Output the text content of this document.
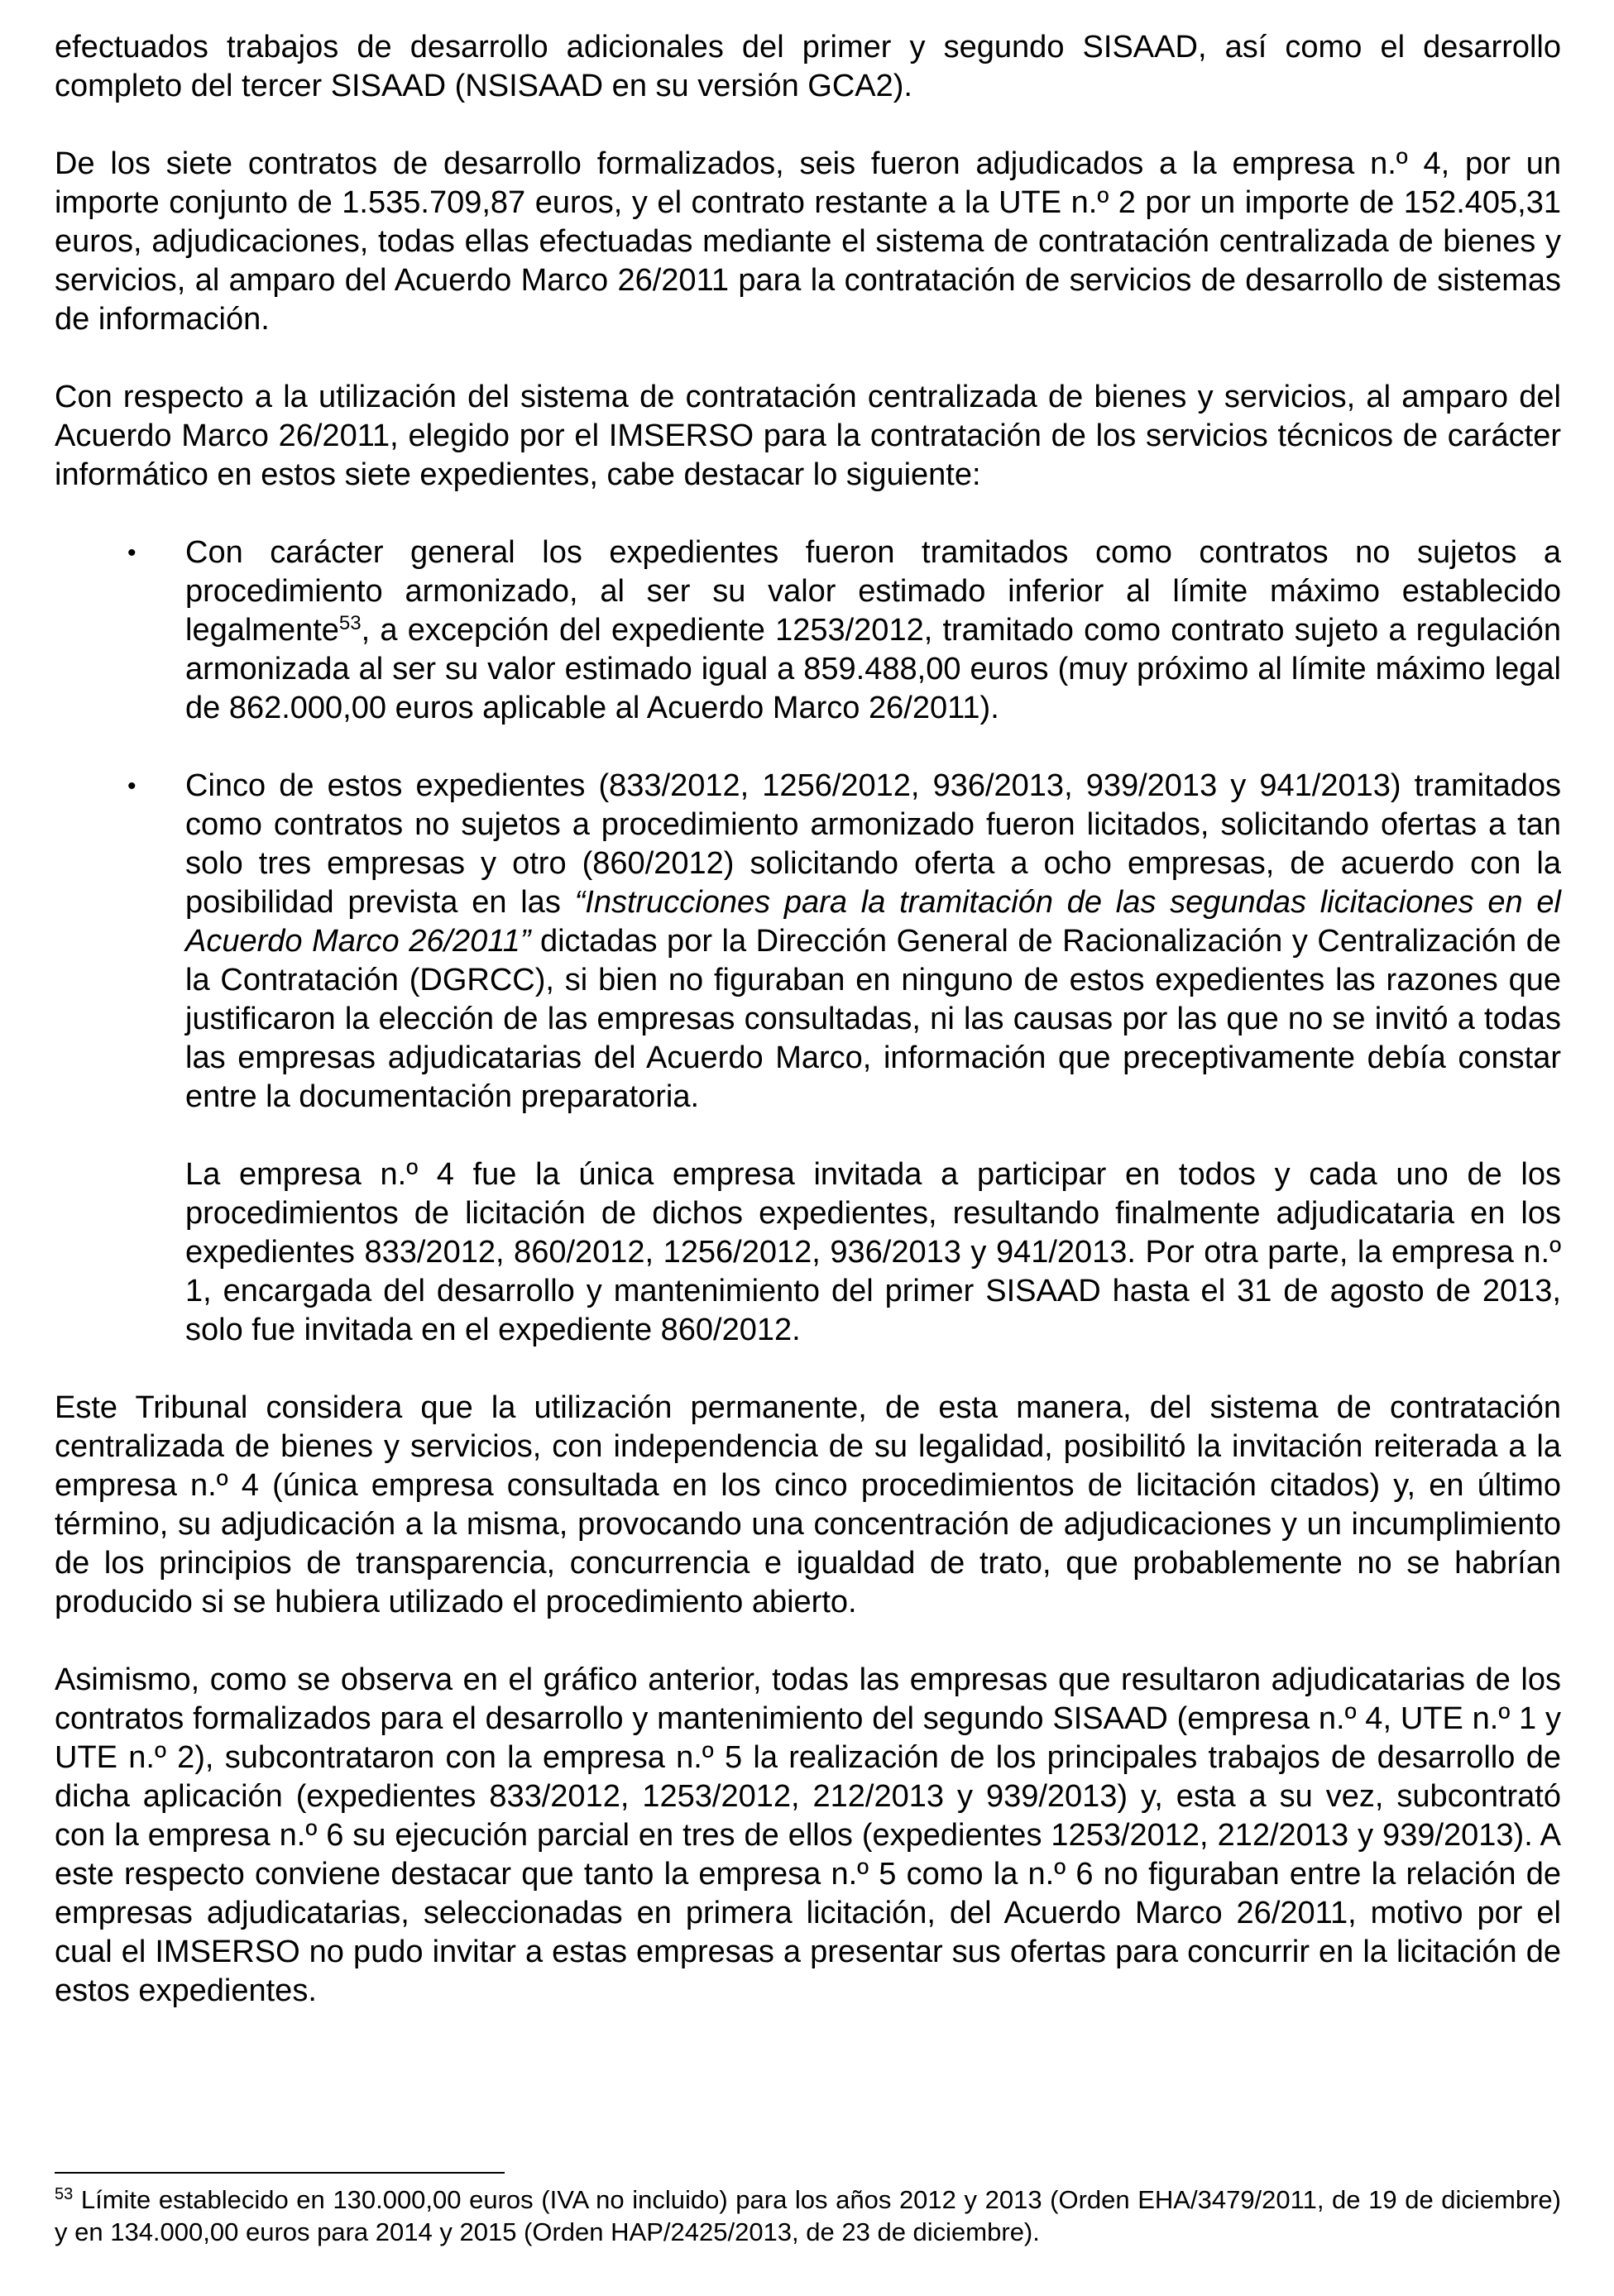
efectuados trabajos de desarrollo adicionales del primer y segundo SISAAD, así como el desarrollo completo del tercer SISAAD (NSISAAD en su versión GCA2).

De los siete contratos de desarrollo formalizados, seis fueron adjudicados a la empresa n.º 4, por un importe conjunto de 1.535.709,87 euros, y el contrato restante a la UTE n.º 2 por un importe de 152.405,31 euros, adjudicaciones, todas ellas efectuadas mediante el sistema de contratación centralizada de bienes y servicios, al amparo del Acuerdo Marco 26/2011 para la contratación de servicios de desarrollo de sistemas de información.

Con respecto a la utilización del sistema de contratación centralizada de bienes y servicios, al amparo del Acuerdo Marco 26/2011, elegido por el IMSERSO para la contratación de los servicios técnicos de carácter informático en estos siete expedientes, cabe destacar lo siguiente:

• Con carácter general los expedientes fueron tramitados como contratos no sujetos a procedimiento armonizado, al ser su valor estimado inferior al límite máximo establecido legalmente$^{53}$, a excepción del expediente 1253/2012, tramitado como contrato sujeto a regulación armonizada al ser su valor estimado igual a 859.488,00 euros (muy próximo al límite máximo legal de 862.000,00 euros aplicable al Acuerdo Marco 26/2011).

• Cinco de estos expedientes (833/2012, 1256/2012, 936/2013, 939/2013 y 941/2013) tramitados como contratos no sujetos a procedimiento armonizado fueron licitados, solicitando ofertas a tan solo tres empresas y otro (860/2012) solicitando oferta a ocho empresas, de acuerdo con la posibilidad prevista en las “Instrucciones para la tramitación de las segundas licitaciones en el Acuerdo Marco 26/2011” dictadas por la Dirección General de Racionalización y Centralización de la Contratación (DGRCC), si bien no figuraban en ninguno de estos expedientes las razones que justificaron la elección de las empresas consultadas, ni las causas por las que no se invitó a todas las empresas adjudicatarias del Acuerdo Marco, información que preceptivamente debía constar entre la documentación preparatoria.

La empresa n.º 4 fue la única empresa invitada a participar en todos y cada uno de los procedimientos de licitación de dichos expedientes, resultando finalmente adjudicataria en los expedientes 833/2012, 860/2012, 1256/2012, 936/2013 y 941/2013. Por otra parte, la empresa n.º 1, encargada del desarrollo y mantenimiento del primer SISAAD hasta el 31 de agosto de 2013, solo fue invitada en el expediente 860/2012.

Este Tribunal considera que la utilización permanente, de esta manera, del sistema de contratación centralizada de bienes y servicios, con independencia de su legalidad, posibilitó la invitación reiterada a la empresa n.º 4 (única empresa consultada en los cinco procedimientos de licitación citados) y, en último término, su adjudicación a la misma, provocando una concentración de adjudicaciones y un incumplimiento de los principios de transparencia, concurrencia e igualdad de trato, que probablemente no se habrían producido si se hubiera utilizado el procedimiento abierto.

Asimismo, como se observa en el gráfico anterior, todas las empresas que resultaron adjudicatarias de los contratos formalizados para el desarrollo y mantenimiento del segundo SISAAD (empresa n.º 4, UTE n.º 1 y UTE n.º 2), subcontrataron con la empresa n.º 5 la realización de los principales trabajos de desarrollo de dicha aplicación (expedientes 833/2012, 1253/2012, 212/2013 y 939/2013) y, esta a su vez, subcontrató con la empresa n.º 6 su ejecución parcial en tres de ellos (expedientes 1253/2012, 212/2013 y 939/2013). A este respecto conviene destacar que tanto la empresa n.º 5 como la n.º 6 no figuraban entre la relación de empresas adjudicatarias, seleccionadas en primera licitación, del Acuerdo Marco 26/2011, motivo por el cual el IMSERSO no pudo invitar a estas empresas a presentar sus ofertas para concurrir en la licitación de estos expedientes.

$^{53}$ Límite establecido en 130.000,00 euros (IVA no incluido) para los años 2012 y 2013 (Orden EHA/3479/2011, de 19 de diciembre) y en 134.000,00 euros para 2014 y 2015 (Orden HAP/2425/2013, de 23 de diciembre).
